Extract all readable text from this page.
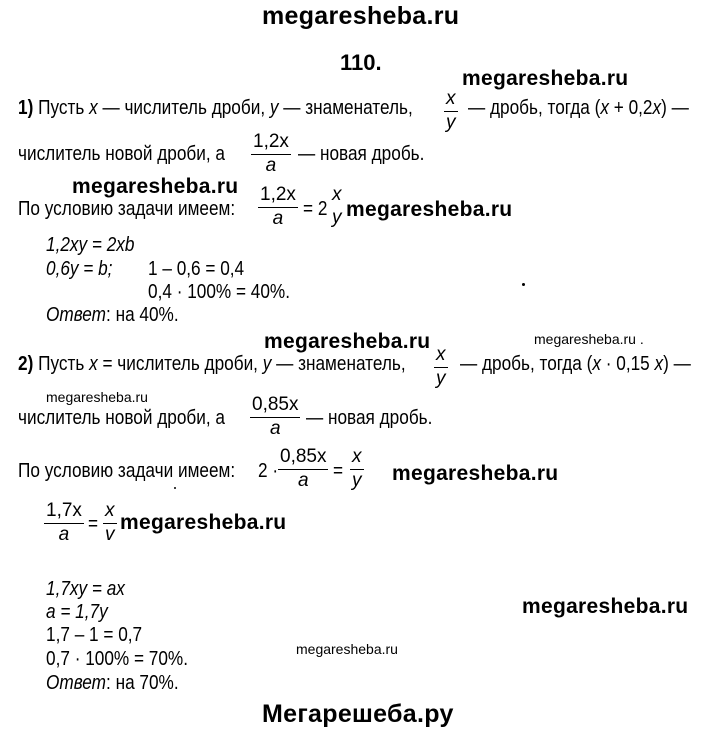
megaresheba.ru
megaresheba.ru
megaresheba.ru
megaresheba.ru
megaresheba.ru	megaresheba.ru .
megaresheba.ru
megaresheba.ru
megaresheba.ru
megaresheba.ru
megaresheba.ru
Мегарешеба.ру
110.
1) Пусть x — числитель дроби, y — знаменатель, x
y
— дробь, тогда (x + 0,2x) —
числитель новой дроби, а
1,2x
a
— новая дробь.
По условию задачи имеем:
1,2x
a = 2
x
y
1,2xy = 2xb
0,6y = b; 1 – 0,6 = 0,4
0,4 · 100% = 40%.
Ответ: на 40%.
2) Пусть x = числитель дроби, y — знаменатель, x
y
— дробь, тогда (x · 0,15 x) —
числитель новой дроби, а
0,85x
a	— новая дробь.
По условию задачи имеем: 2 ·
0,85x
a	=
x
y
1,7x
a =
x
v
1,7xy = ax
a = 1,7y
1,7 – 1 = 0,7
0,7 · 100% = 70%.
Ответ: на 70%.
